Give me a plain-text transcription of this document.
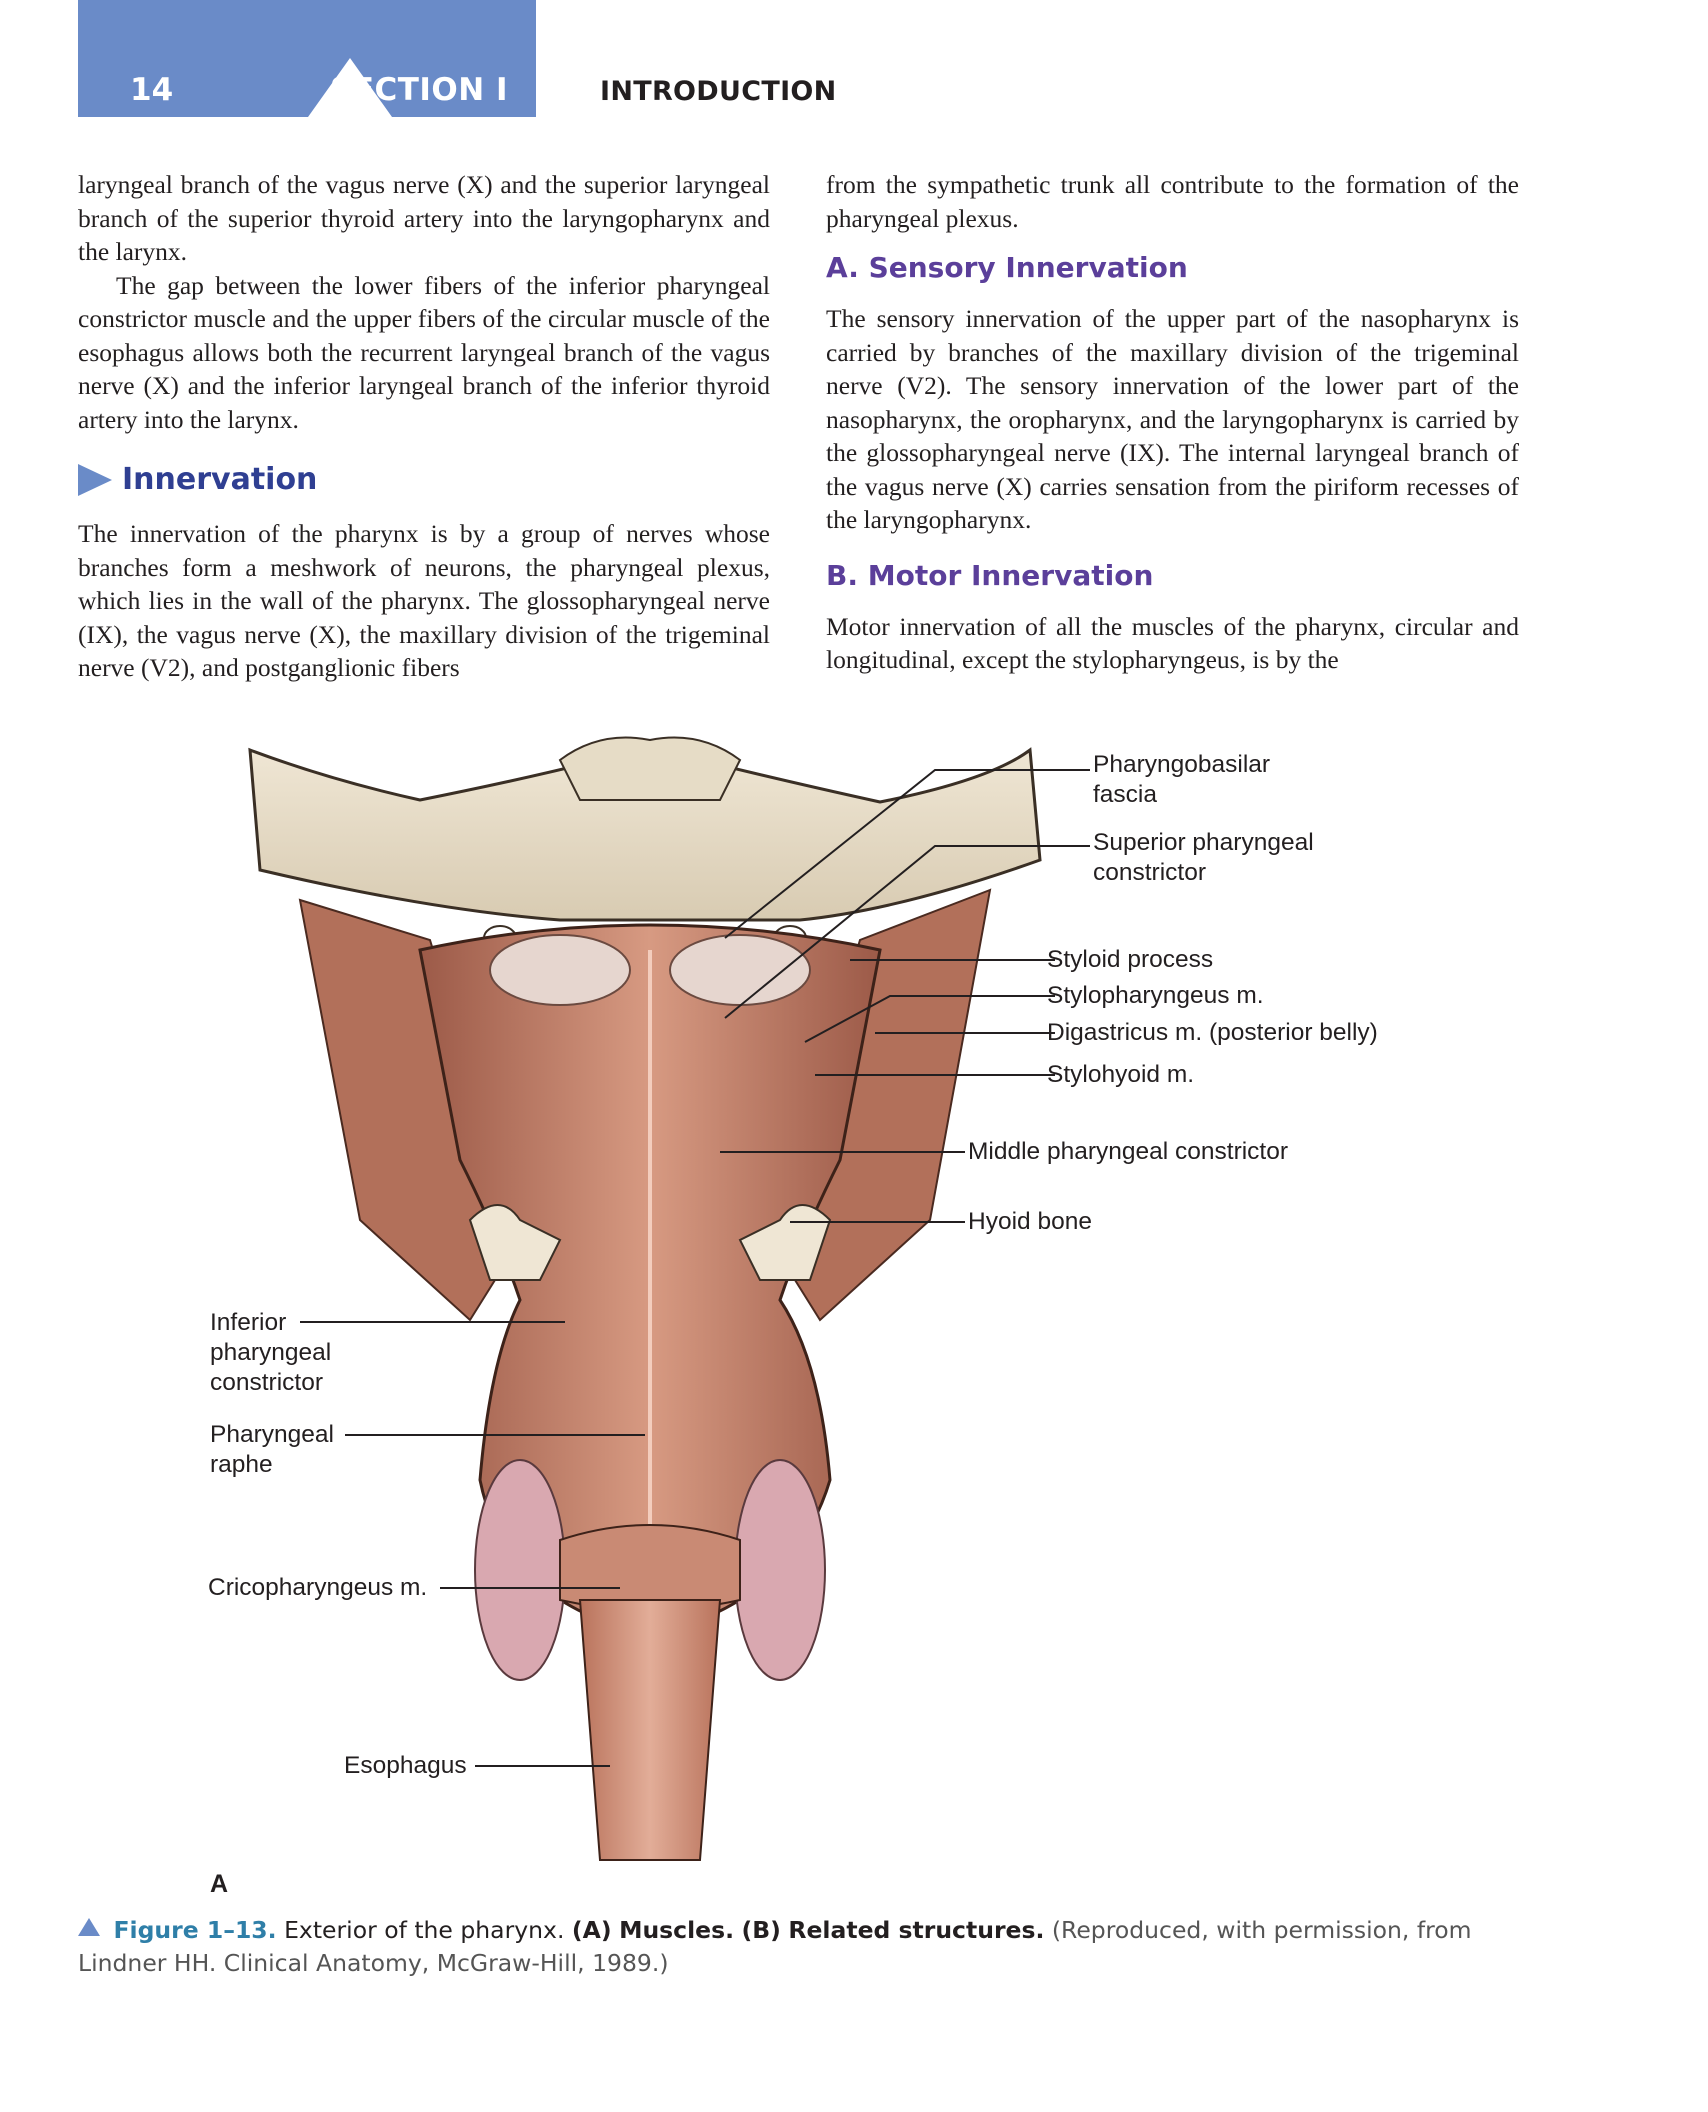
14	SECTION I	INTRODUCTION

laryngeal branch of the vagus nerve (X) and the superior laryngeal branch of the superior thyroid artery into the laryngopharynx and the larynx.

The gap between the lower fibers of the inferior pharyngeal constrictor muscle and the upper fibers of the circular muscle of the esophagus allows both the recurrent laryngeal branch of the vagus nerve (X) and the inferior laryngeal branch of the inferior thyroid artery into the larynx.

Innervation

The innervation of the pharynx is by a group of nerves whose branches form a meshwork of neurons, the pharyngeal plexus, which lies in the wall of the pharynx. The glossopharyngeal nerve (IX), the vagus nerve (X), the maxillary division of the trigeminal nerve (V2), and postganglionic fibers

from the sympathetic trunk all contribute to the formation of the pharyngeal plexus.

A. Sensory Innervation

The sensory innervation of the upper part of the nasopharynx is carried by branches of the maxillary division of the trigeminal nerve (V2). The sensory innervation of the lower part of the nasopharynx, the oropharynx, and the laryngopharynx is carried by the glossopharyngeal nerve (IX). The internal laryngeal branch of the vagus nerve (X) carries sensation from the piriform recesses of the laryngopharynx.

B. Motor Innervation

Motor innervation of all the muscles of the pharynx, circular and longitudinal, except the stylopharyngeus, is by the

Pharyngobasilar
fascia
Superior pharyngeal
constrictor
Styloid process
Stylopharyngeus m.
Digastricus m. (posterior belly)
Stylohyoid m.
Middle pharyngeal constrictor
Hyoid bone
Inferior
pharyngeal
constrictor
Pharyngeal
raphe
Cricopharyngeus m.
Esophagus
A
Figure 1–13. Exterior of the pharynx. (A) Muscles. (B) Related structures. (Reproduced, with permission, from Lindner HH. Clinical Anatomy, McGraw-Hill, 1989.)
